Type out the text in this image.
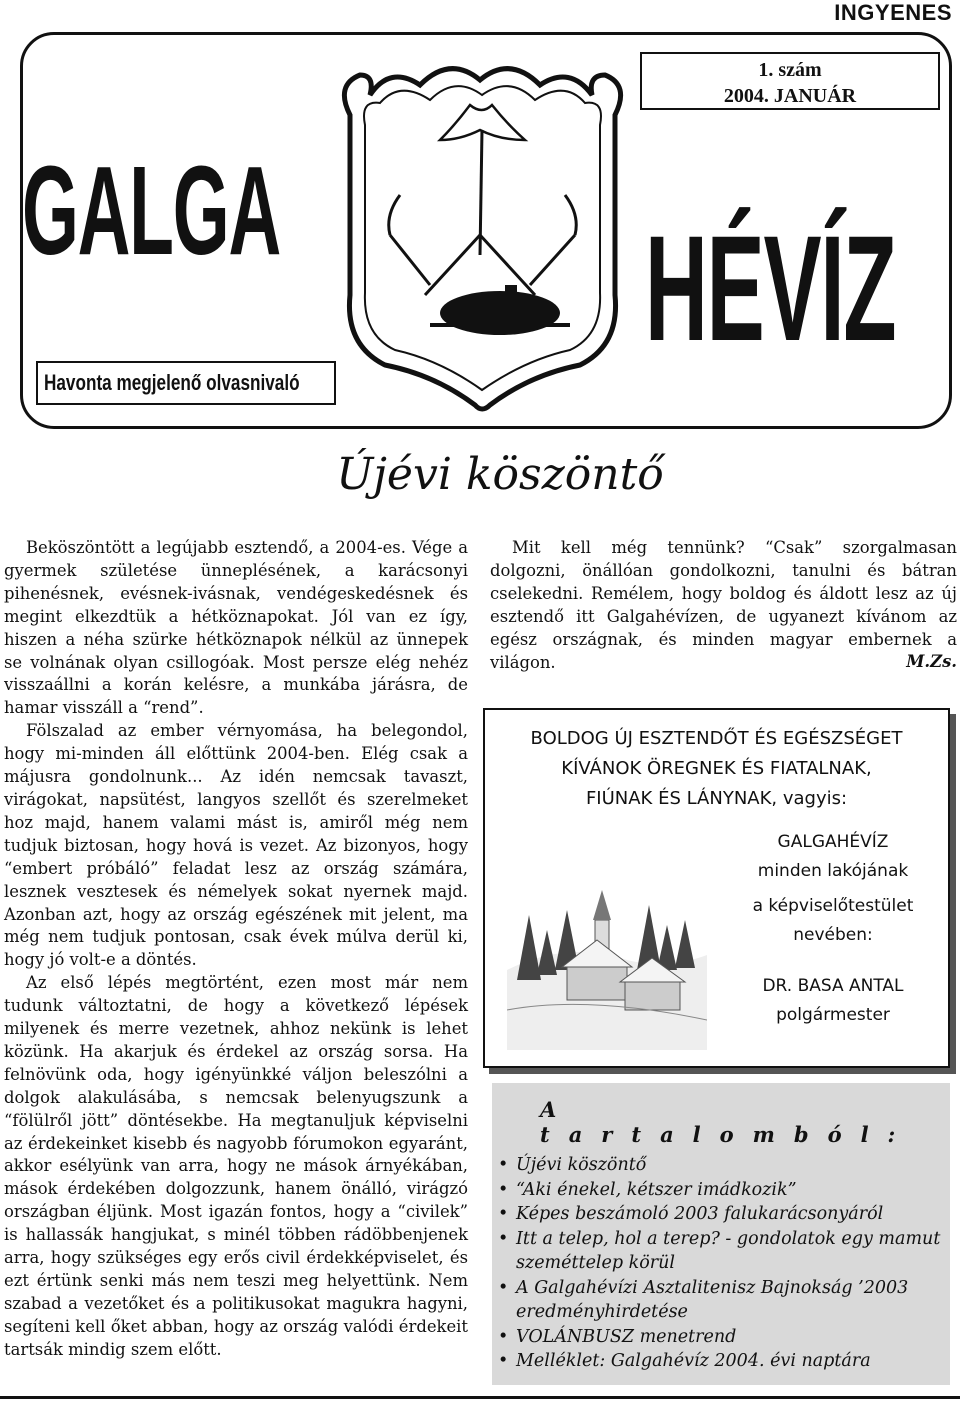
INGYENES
1. szám
2004. JANUÁR
GALGA HÉVÍZ
Havonta megjelenő olvasnivaló
Újévi köszöntő

Beköszöntött a legújabb esztendő, a 2004-es. Vége a gyermek születése ünneplésének, a karácsonyi pihenésnek, evésnek-ivásnak, vendégeskedésnek és megint elkezdtük a hétköznapokat. Jól van ez így, hiszen a néha szürke hétköznapok nélkül az ünnepek se volnának olyan csillogóak. Most persze elég nehéz visszaállni a korán kelésre, a munkába járásra, de hamar visszáll a “rend”.

Fölszalad az ember vérnyomása, ha belegondol, hogy mi-minden áll előttünk 2004-ben. Elég csak a májusra gondolnunk... Az idén nemcsak tavaszt, virágokat, napsütést, langyos szellőt és szerelmeket hoz majd, hanem valami mást is, amiről még nem tudjuk biztosan, hogy hová is vezet. Az bizonyos, hogy “embert próbáló” feladat lesz az ország számára, lesznek vesztesek és némelyek sokat nyernek majd. Azonban azt, hogy az ország egészének mit jelent, ma még nem tudjuk pontosan, csak évek múlva derül ki, hogy jó volt-e a döntés.

Az első lépés megtörtént, ezen most már nem tudunk változtatni, de hogy a következő lépések milyenek és merre vezetnek, ahhoz nekünk is lehet közünk. Ha akarjuk és érdekel az ország sorsa. Ha felnövünk oda, hogy igényünkké váljon beleszólni a dolgok alakulásába, s nemcsak belenyugszunk a “fölülről jött” döntésekbe. Ha megtanuljuk képviselni az érdekeinket kisebb és nagyobb fórumokon egyaránt, akkor esélyünk van arra, hogy ne mások árnyékában, mások érdekében dolgozzunk, hanem önálló, virágzó országban éljünk. Most igazán fontos, hogy a “civilek” is hallassák hangjukat, s minél többen rádöbbenjenek arra, hogy szükséges egy erős civil érdekképviselet, és ezt értünk senki más nem teszi meg helyettünk. Nem szabad a vezetőket és a politikusokat magukra hagyni, segíteni kell őket abban, hogy az ország valódi érdekeit tartsák mindig szem előtt.

Mit kell még tennünk? “Csak” szorgalmasan dolgozni, önállóan gondolkozni, tanulni és bátran cselekedni. Remélem, hogy boldog és áldott lesz az új esztendő itt Galgahévízen, de ugyanezt kívánom az egész országnak, és minden magyar embernek a világon.	M.Zs.
BOLDOG ÚJ ESZTENDŐT ÉS EGÉSZSÉGET
KÍVÁNOK ÖREGNEK ÉS FIATALNAK,
FIÚNAK ÉS LÁNYNAK, vagyis:
GALGAHÉVÍZ
minden lakójának
a képviselőtestület
nevében:
DR. BASA ANTAL
polgármester
A tartalomból:
• Újévi köszöntő
• “Aki énekel, kétszer imádkozik”
• Képes beszámoló 2003 falukarácsonyáról
• Itt a telep, hol a terep? - gondolatok egy mamut szeméttelep körül
• A Galgahévízi Asztalitenisz Bajnokság ’2003 eredményhirdetése
• VOLÁNBUSZ menetrend
• Melléklet: Galgahévíz 2004. évi naptára
